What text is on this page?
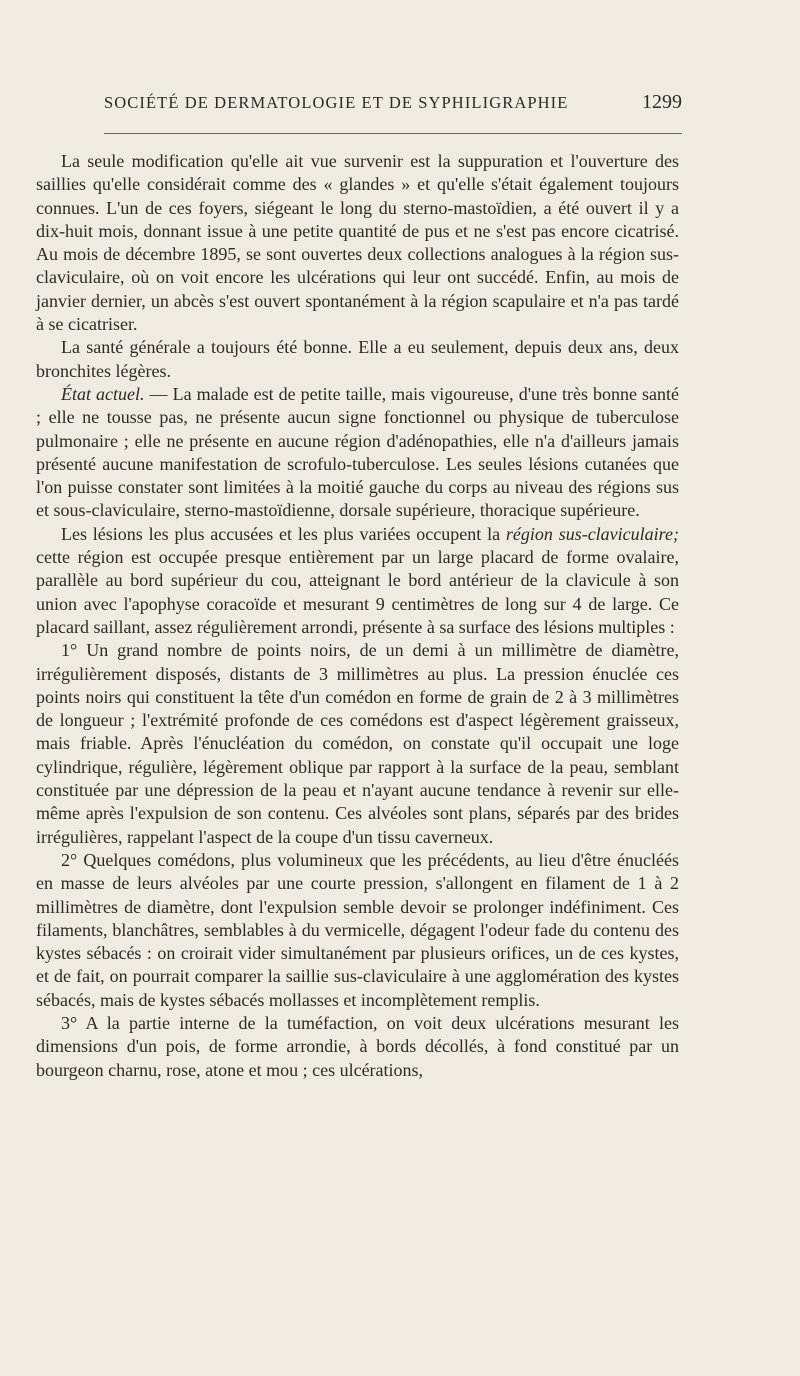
SOCIÉTÉ DE DERMATOLOGIE ET DE SYPHILIGRAPHIE	1299

La seule modification qu'elle ait vue survenir est la suppuration et l'ouverture des saillies qu'elle considérait comme des « glandes » et qu'elle s'était également toujours connues. L'un de ces foyers, siégeant le long du sterno-mastoïdien, a été ouvert il y a dix-huit mois, donnant issue à une petite quantité de pus et ne s'est pas encore cicatrisé. Au mois de décembre 1895, se sont ouvertes deux collections analogues à la région sus-claviculaire, où on voit encore les ulcérations qui leur ont succédé. Enfin, au mois de janvier dernier, un abcès s'est ouvert spontanément à la région scapulaire et n'a pas tardé à se cicatriser.

La santé générale a toujours été bonne. Elle a eu seulement, depuis deux ans, deux bronchites légères.

État actuel. — La malade est de petite taille, mais vigoureuse, d'une très bonne santé ; elle ne tousse pas, ne présente aucun signe fonctionnel ou physique de tuberculose pulmonaire ; elle ne présente en aucune région d'adénopathies, elle n'a d'ailleurs jamais présenté aucune manifestation de scrofulo-tuberculose. Les seules lésions cutanées que l'on puisse constater sont limitées à la moitié gauche du corps au niveau des régions sus et sous-claviculaire, sterno-mastoïdienne, dorsale supérieure, thoracique supérieure.

Les lésions les plus accusées et les plus variées occupent la région sus-claviculaire; cette région est occupée presque entièrement par un large placard de forme ovalaire, parallèle au bord supérieur du cou, atteignant le bord antérieur de la clavicule à son union avec l'apophyse coracoïde et mesurant 9 centimètres de long sur 4 de large. Ce placard saillant, assez régulièrement arrondi, présente à sa surface des lésions multiples :

1° Un grand nombre de points noirs, de un demi à un millimètre de diamètre, irrégulièrement disposés, distants de 3 millimètres au plus. La pression énuclée ces points noirs qui constituent la tête d'un comédon en forme de grain de 2 à 3 millimètres de longueur ; l'extrémité profonde de ces comédons est d'aspect légèrement graisseux, mais friable. Après l'énucléation du comédon, on constate qu'il occupait une loge cylindrique, régulière, légèrement oblique par rapport à la surface de la peau, semblant constituée par une dépression de la peau et n'ayant aucune tendance à revenir sur elle-même après l'expulsion de son contenu. Ces alvéoles sont plans, séparés par des brides irrégulières, rappelant l'aspect de la coupe d'un tissu caverneux.

2° Quelques comédons, plus volumineux que les précédents, au lieu d'être énucléés en masse de leurs alvéoles par une courte pression, s'allongent en filament de 1 à 2 millimètres de diamètre, dont l'expulsion semble devoir se prolonger indéfiniment. Ces filaments, blanchâtres, semblables à du vermicelle, dégagent l'odeur fade du contenu des kystes sébacés : on croirait vider simultanément par plusieurs orifices, un de ces kystes, et de fait, on pourrait comparer la saillie sus-claviculaire à une agglomération des kystes sébacés, mais de kystes sébacés mollasses et incomplètement remplis.

3° A la partie interne de la tuméfaction, on voit deux ulcérations mesurant les dimensions d'un pois, de forme arrondie, à bords décollés, à fond constitué par un bourgeon charnu, rose, atone et mou ; ces ulcérations,
